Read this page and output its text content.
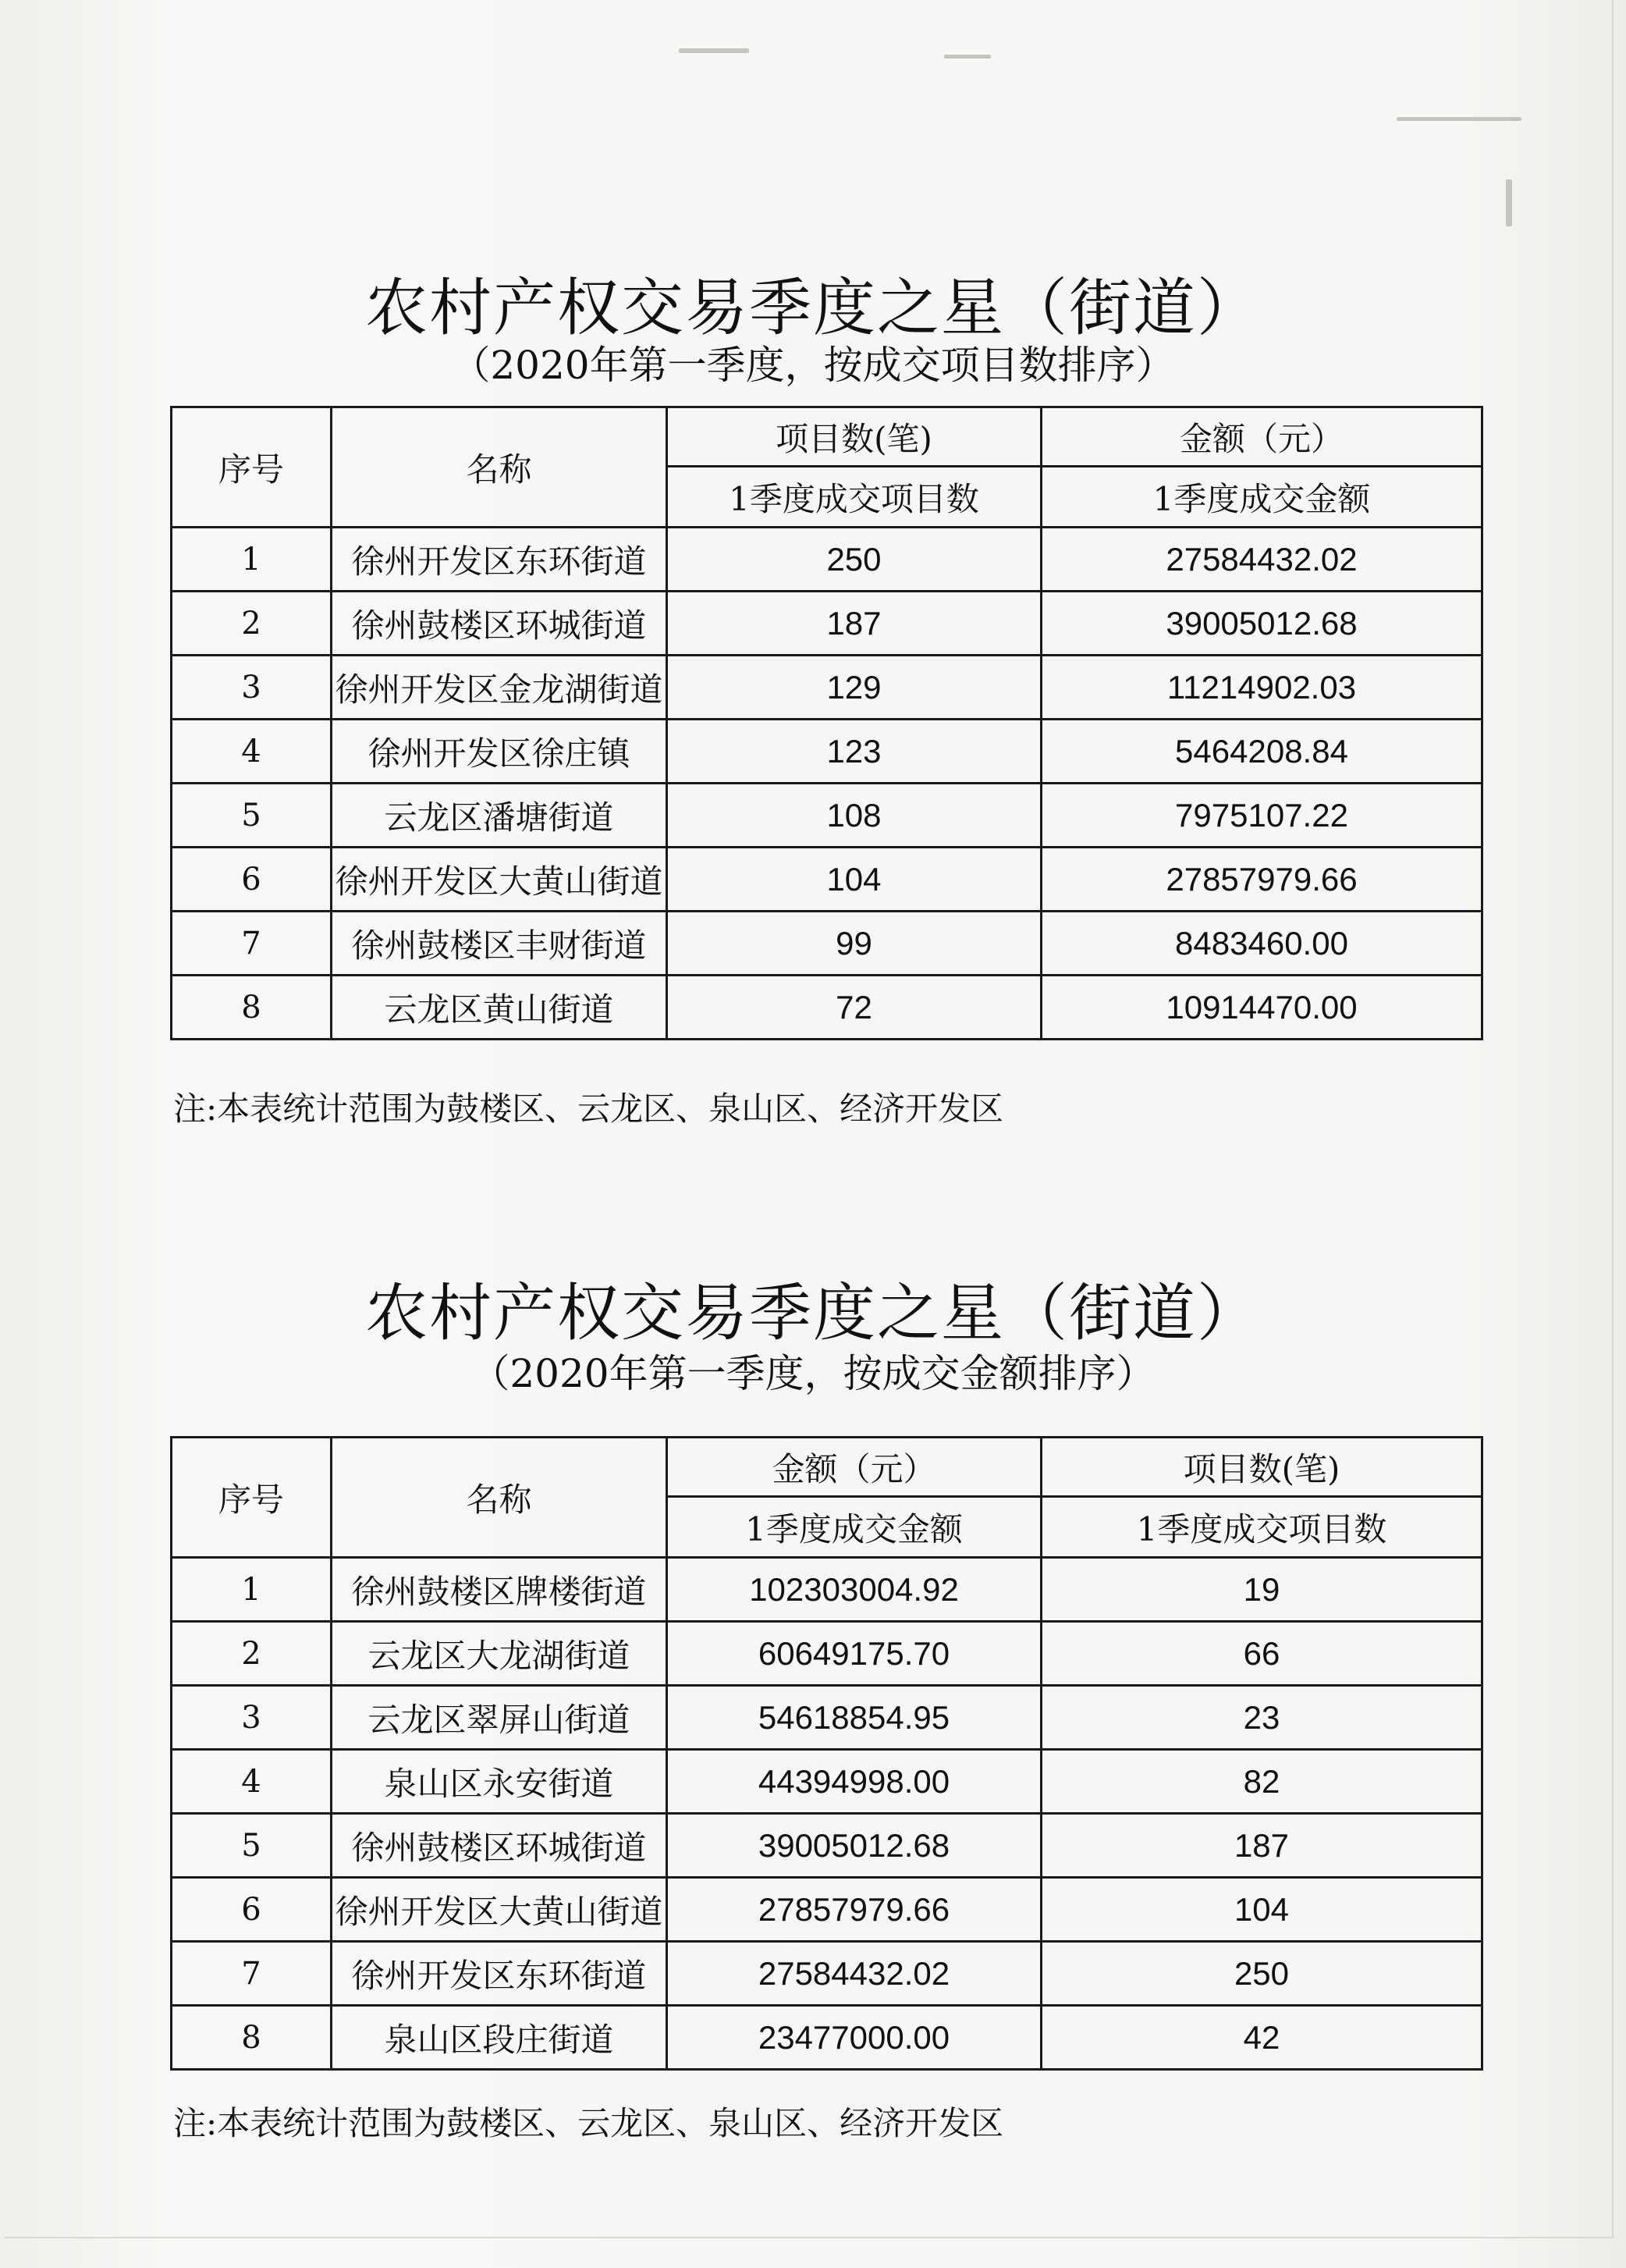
农村产权交易季度之星（街道）
（2020年第一季度，按成交项目数排序）
序号	名称	项目数(笔)	金额（元）
		1季度成交项目数	1季度成交金额
1	徐州开发区东环街道	250	27584432.02
2	徐州鼓楼区环城街道	187	39005012.68
3	徐州开发区金龙湖街道	129	11214902.03
4	徐州开发区徐庄镇	123	5464208.84
5	云龙区潘塘街道	108	7975107.22
6	徐州开发区大黄山街道	104	27857979.66
7	徐州鼓楼区丰财街道	99	8483460.00
8	云龙区黄山街道	72	10914470.00
注:本表统计范围为鼓楼区、云龙区、泉山区、经济开发区
农村产权交易季度之星（街道）
（2020年第一季度，按成交金额排序）
序号	名称	金额（元）	项目数(笔)
		1季度成交金额	1季度成交项目数
1	徐州鼓楼区牌楼街道	102303004.92	19
2	云龙区大龙湖街道	60649175.70	66
3	云龙区翠屏山街道	54618854.95	23
4	泉山区永安街道	44394998.00	82
5	徐州鼓楼区环城街道	39005012.68	187
6	徐州开发区大黄山街道	27857979.66	104
7	徐州开发区东环街道	27584432.02	250
8	泉山区段庄街道	23477000.00	42
注:本表统计范围为鼓楼区、云龙区、泉山区、经济开发区
